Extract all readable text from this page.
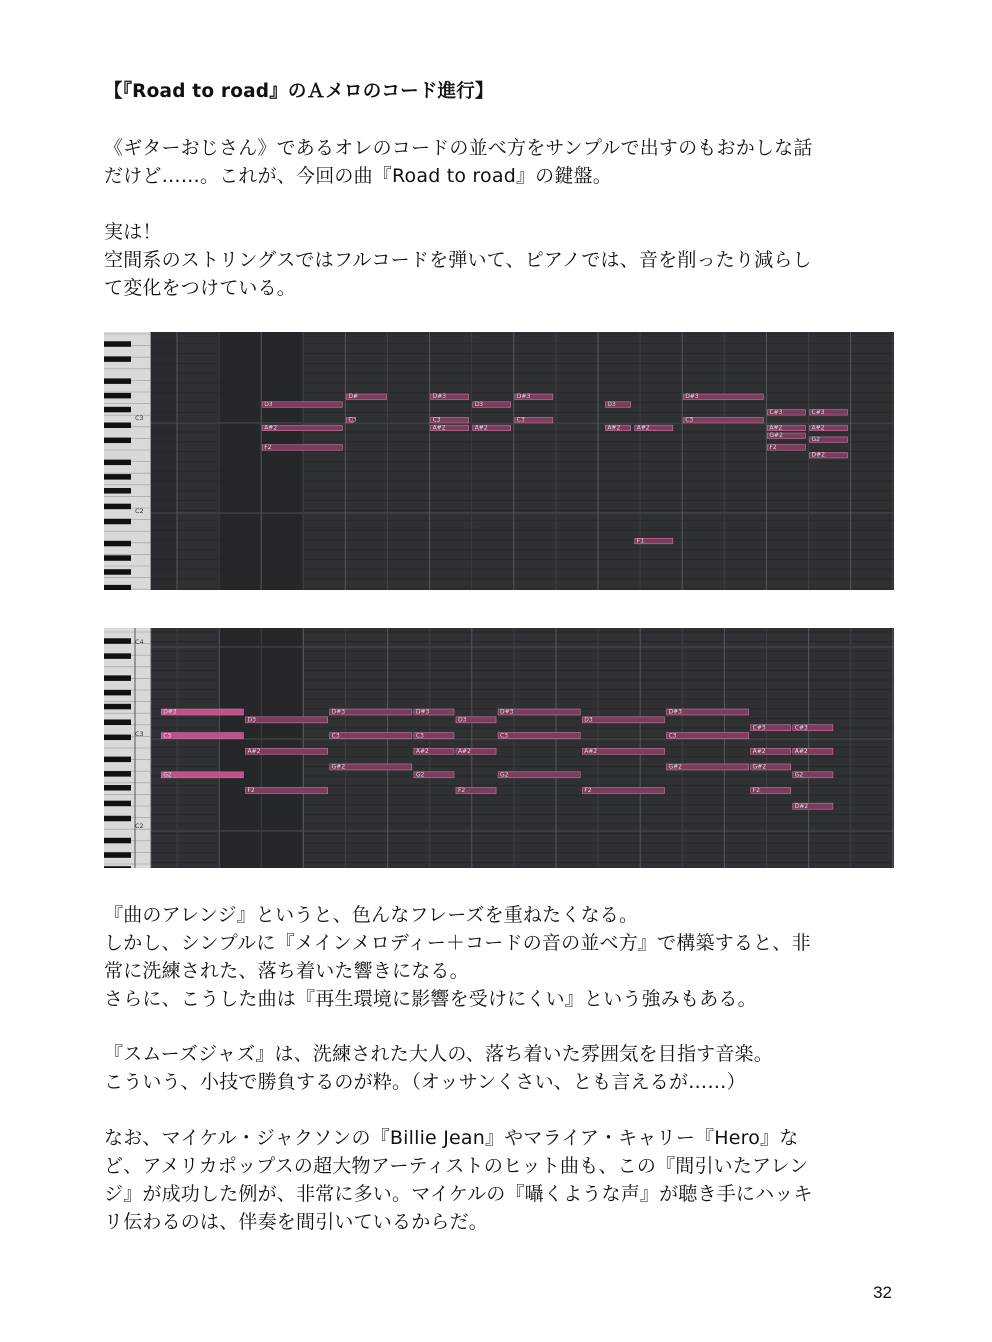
【『Road to road』のＡメロのコード進行】
《ギターおじさん》であるオレのコードの並べ方をサンプルで出すのもおかしな話
だけど……。これが、今回の曲『Road to road』の鍵盤。
実は！
空間系のストリングスではフルコードを弾いて、ピアノでは、音を削ったり減らし
て変化をつけている。
C3
C2
D3
D#	D#3
D3
D#3
D3
D#3
C#3	C#3
C3	C3	C3	C3
A#2	A#2	A#2	A#2	A#2	A#2	A#2
G#2
G2
F2	F2
D#2
F1
C4
C3
C2
D#3
C3
G2
D3
D#3	D#3
D3
D#3
D3
D#3
C#3	C#3
C3	C3	C3	C3
A#2	A#2	A#2	A#2	A#2	A#2
G#2	G#2	G#2
G2	G2	G2
F2	F2	F2	F2
D#2
『曲のアレンジ』というと、色んなフレーズを重ねたくなる。
しかし、シンプルに『メインメロディー＋コードの音の並べ方』で構築すると、非
常に洗練された、落ち着いた響きになる。
さらに、こうした曲は『再生環境に影響を受けにくい』という強みもある。
『スムーズジャズ』は、洗練された大人の、落ち着いた雰囲気を目指す音楽。
こういう、小技で勝負するのが粋。（オッサンくさい、とも言えるが……）
なお、マイケル・ジャクソンの『Billie Jean』やマライア・キャリー『Hero』な
ど、アメリカポップスの超大物アーティストのヒット曲も、この『間引いたアレン
ジ』が成功した例が、非常に多い。マイケルの『囁くような声』が聴き手にハッキ
リ伝わるのは、伴奏を間引いているからだ。
32
